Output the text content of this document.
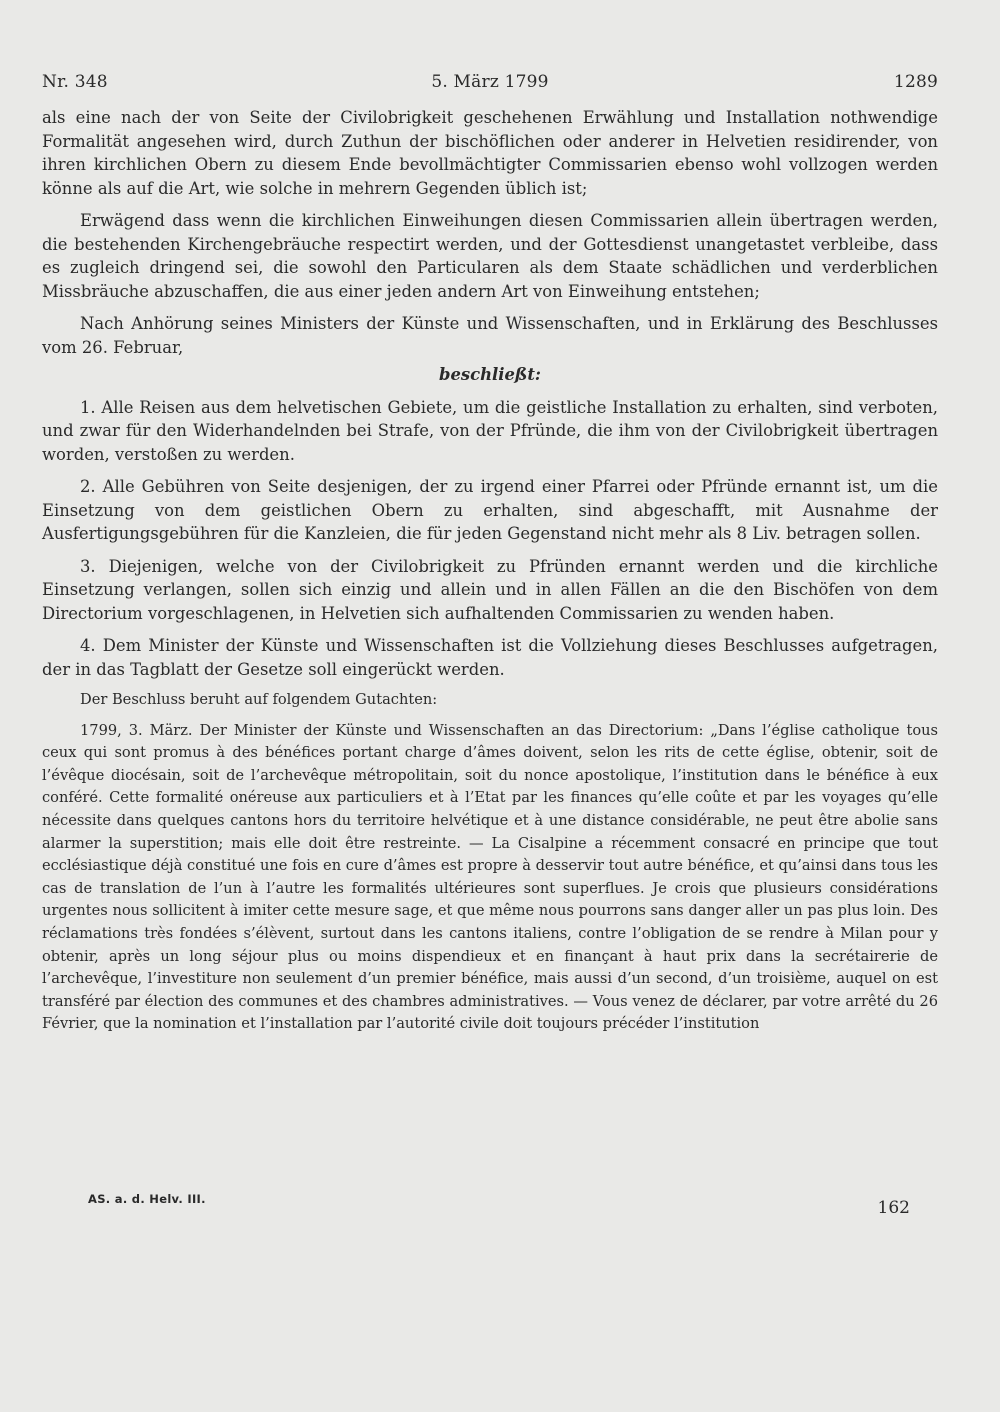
Nr. 348	5. März 1799	1289

als eine nach der von Seite der Civilobrigkeit geschehenen Erwählung und Installation nothwendige Formalität angesehen wird, durch Zuthun der bischöflichen oder anderer in Helvetien residirender, von ihren kirchlichen Obern zu diesem Ende bevollmächtigter Commissarien ebenso wohl vollzogen werden könne als auf die Art, wie solche in mehrern Gegenden üblich ist;

Erwägend dass wenn die kirchlichen Einweihungen diesen Commissarien allein übertragen werden, die bestehenden Kirchengebräuche respectirt werden, und der Gottesdienst unangetastet verbleibe, dass es zugleich dringend sei, die sowohl den Particularen als dem Staate schädlichen und verderblichen Missbräuche abzuschaffen, die aus einer jeden andern Art von Einweihung entstehen;

Nach Anhörung seines Ministers der Künste und Wissenschaften, und in Erklärung des Beschlusses vom 26. Februar,

beschließt:

1. Alle Reisen aus dem helvetischen Gebiete, um die geistliche Installation zu erhalten, sind verboten, und zwar für den Widerhandelnden bei Strafe, von der Pfründe, die ihm von der Civilobrigkeit übertragen worden, verstoßen zu werden.

2. Alle Gebühren von Seite desjenigen, der zu irgend einer Pfarrei oder Pfründe ernannt ist, um die Einsetzung von dem geistlichen Obern zu erhalten, sind abgeschafft, mit Ausnahme der Ausfertigungsgebühren für die Kanzleien, die für jeden Gegenstand nicht mehr als 8 Liv. betragen sollen.

3. Diejenigen, welche von der Civilobrigkeit zu Pfründen ernannt werden und die kirchliche Einsetzung verlangen, sollen sich einzig und allein und in allen Fällen an die den Bischöfen von dem Directorium vorgeschlagenen, in Helvetien sich aufhaltenden Commissarien zu wenden haben.

4. Dem Minister der Künste und Wissenschaften ist die Vollziehung dieses Beschlusses aufgetragen, der in das Tagblatt der Gesetze soll eingerückt werden.

Der Beschluss beruht auf folgendem Gutachten:

1799, 3. März. Der Minister der Künste und Wissenschaften an das Directorium: „Dans l’église catholique tous ceux qui sont promus à des bénéfices portant charge d’âmes doivent, selon les rits de cette église, obtenir, soit de l’évêque diocésain, soit de l’archevêque métropolitain, soit du nonce apostolique, l’institution dans le bénéfice à eux conféré. Cette formalité onéreuse aux particuliers et à l’Etat par les finances qu’elle coûte et par les voyages qu’elle nécessite dans quelques cantons hors du territoire helvétique et à une distance considérable, ne peut être abolie sans alarmer la superstition; mais elle doit être restreinte. — La Cisalpine a récemment consacré en principe que tout ecclésiastique déjà constitué une fois en cure d’âmes est propre à desservir tout autre bénéfice, et qu’ainsi dans tous les cas de translation de l’un à l’autre les formalités ultérieures sont superflues. Je crois que plusieurs considérations urgentes nous sollicitent à imiter cette mesure sage, et que même nous pourrons sans danger aller un pas plus loin. Des réclamations très fondées s’élèvent, surtout dans les cantons italiens, contre l’obligation de se rendre à Milan pour y obtenir, après un long séjour plus ou moins dispendieux et en finançant à haut prix dans la secrétairerie de l’archevêque, l’investiture non seulement d’un premier bénéfice, mais aussi d’un second, d’un troisième, auquel on est transféré par élection des communes et des chambres administratives. — Vous venez de déclarer, par votre arrêté du 26 Février, que la nomination et l’installation par l’autorité civile doit toujours précéder l’institution

AS. a. d. Helv. III.	162
